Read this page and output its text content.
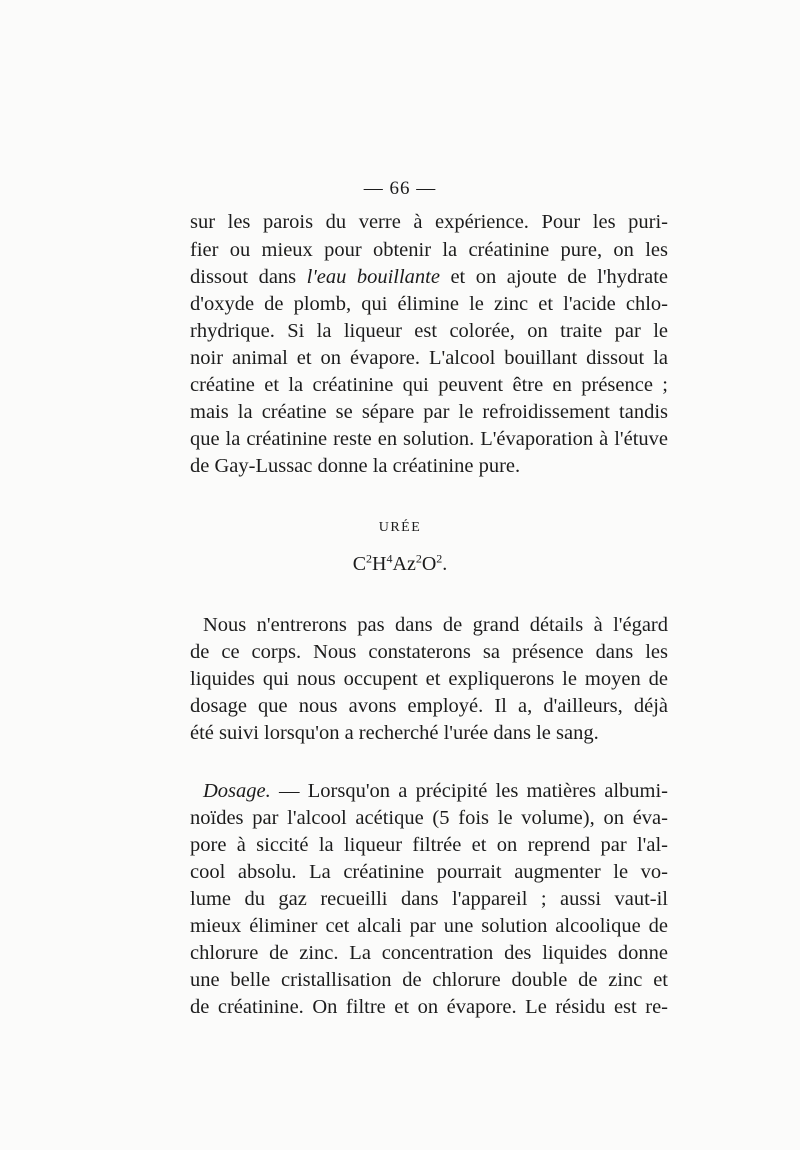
— 66 —
sur les parois du verre à expérience. Pour les puri-
fier ou mieux pour obtenir la créatinine pure, on les
dissout dans l'eau bouillante et on ajoute de l'hydrate
d'oxyde de plomb, qui élimine le zinc et l'acide chlo-
rhydrique. Si la liqueur est colorée, on traite par le
noir animal et on évapore. L'alcool bouillant dissout la
créatine et la créatinine qui peuvent être en présence ;
mais la créatine se sépare par le refroidissement tandis
que la créatinine reste en solution. L'évaporation à l'étuve
de Gay-Lussac donne la créatinine pure.
URÉE
$C^2H^4Az^2O^2$.
Nous n'entrerons pas dans de grand détails à l'égard
de ce corps. Nous constaterons sa présence dans les
liquides qui nous occupent et expliquerons le moyen de
dosage que nous avons employé. Il a, d'ailleurs, déjà
été suivi lorsqu'on a recherché l'urée dans le sang.
Dosage. — Lorsqu'on a précipité les matières albumi-
noïdes par l'alcool acétique (5 fois le volume), on éva-
pore à siccité la liqueur filtrée et on reprend par l'al-
cool absolu. La créatinine pourrait augmenter le vo-
lume du gaz recueilli dans l'appareil ; aussi vaut-il
mieux éliminer cet alcali par une solution alcoolique de
chlorure de zinc. La concentration des liquides donne
une belle cristallisation de chlorure double de zinc et
de créatinine. On filtre et on évapore. Le résidu est re-
